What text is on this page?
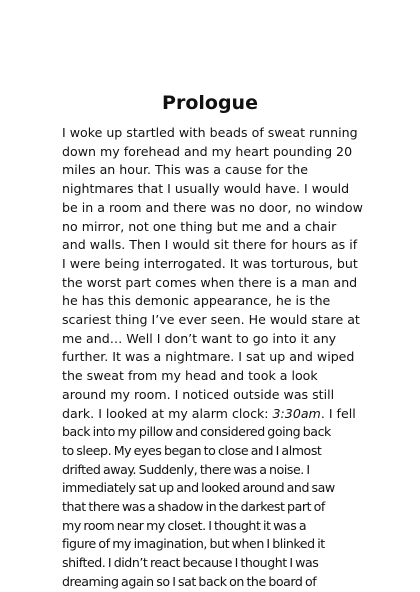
Prologue
I woke up startled with beads of sweat running
down my forehead and my heart pounding 20
miles an hour. This was a cause for the
nightmares that I usually would have. I would
be in a room and there was no door, no window
no mirror, not one thing but me and a chair
and walls. Then I would sit there for hours as if
I were being interrogated. It was torturous, but
the worst part comes when there is a man and
he has this demonic appearance, he is the
scariest thing I’ve ever seen. He would stare at
me and… Well I don’t want to go into it any
further. It was a nightmare. I sat up and wiped
the sweat from my head and took a look
around my room. I noticed outside was still
dark. I looked at my alarm clock: 3:30am. I fell
back into my pillow and considered going back
to sleep. My eyes began to close and I almost
drifted away. Suddenly, there was a noise. I
immediately sat up and looked around and saw
that there was a shadow in the darkest part of
my room near my closet. I thought it was a
figure of my imagination, but when I blinked it
shifted. I didn’t react because I thought I was
dreaming again so I sat back on the board of
